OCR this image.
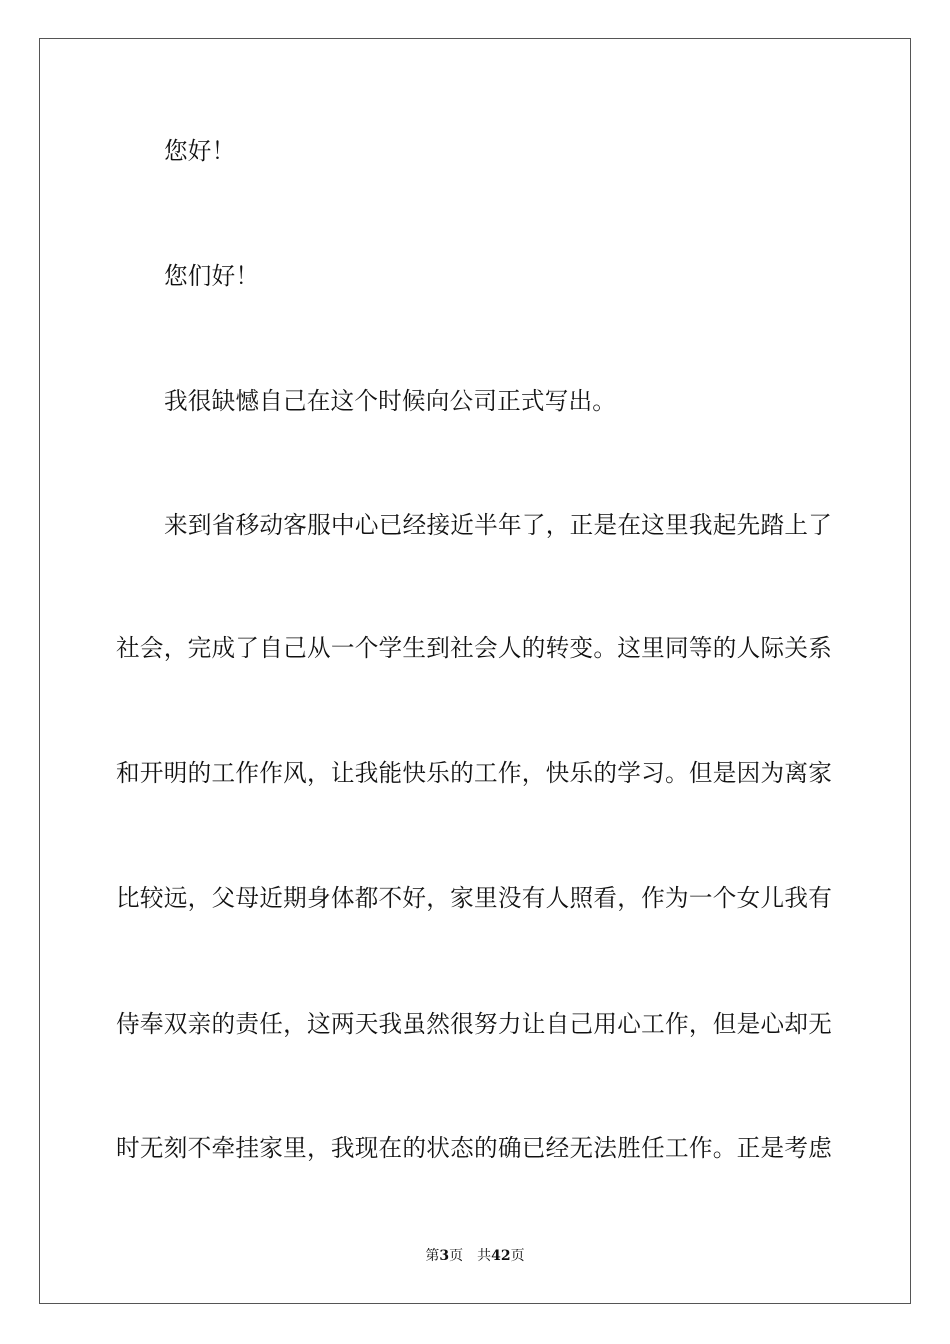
您好！
您们好！
我很缺憾自己在这个时候向公司正式写出。
来到省移动客服中心已经接近半年了，正是在这里我起先踏上了
社会，完成了自己从一个学生到社会人的转变。这里同等的人际关系
和开明的工作作风，让我能快乐的工作，快乐的学习。但是因为离家
比较远，父母近期身体都不好，家里没有人照看，作为一个女儿我有
侍奉双亲的责任，这两天我虽然很努力让自己用心工作，但是心却无
时无刻不牵挂家里，我现在的状态的确已经无法胜任工作。正是考虑
第3页 共42页
